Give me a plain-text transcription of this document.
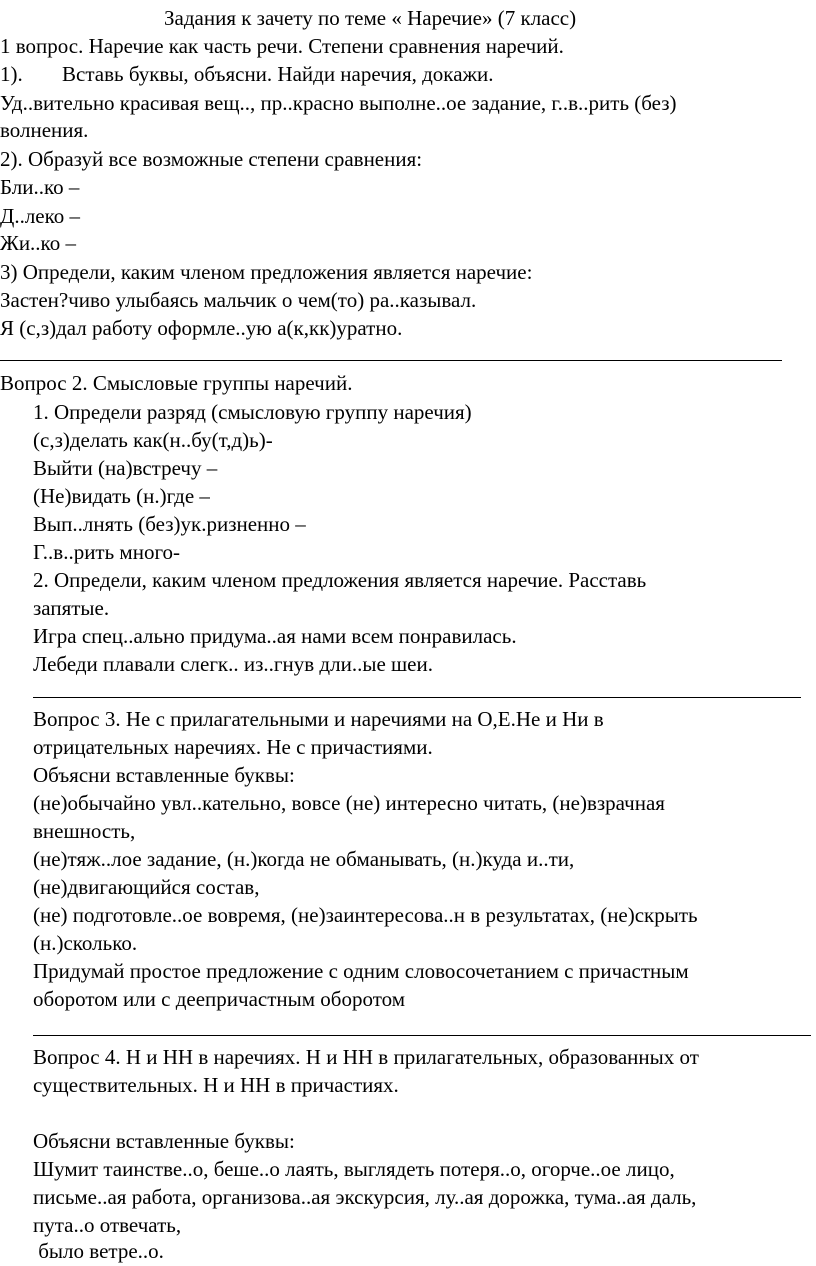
Задания к зачету по теме « Наречие» (7 класс)
1 вопрос. Наречие как часть речи. Степени сравнения наречий.
1). Вставь буквы, объясни. Найди наречия, докажи.
Уд..вительно красивая вещ.., пр..красно выполне..ое задание, г..в..рить (без)
волнения.
2). Образуй все возможные степени сравнения:
Бли..ко –
Д..леко –
Жи..ко –
3) Определи, каким членом предложения является наречие:
Застен?чиво улыбаясь мальчик о чем(то) ра..казывал.
Я (с,з)дал работу оформле..ую а(к,кк)уратно.
Вопрос 2. Смысловые группы наречий.
1. Определи разряд (смысловую группу наречия)
(с,з)делать как(н..бу(т,д)ь)-
Выйти (на)встречу –
(Не)видать (н.)где –
Вып..лнять (без)ук.ризненно –
Г..в..рить много-
2. Определи, каким членом предложения является наречие. Расставь
запятые.
Игра спец..ально придума..ая нами всем понравилась.
Лебеди плавали слегк.. из..гнув дли..ые шеи.
Вопрос 3. Не с прилагательными и наречиями на О,Е.Не и Ни в
отрицательных наречиях. Не с причастиями.
Объясни вставленные буквы:
(не)обычайно увл..кательно, вовсе (не) интересно читать, (не)взрачная
внешность,
(не)тяж..лое задание, (н.)когда не обманывать, (н.)куда и..ти,
(не)двигающийся состав,
(не) подготовле..ое вовремя, (не)заинтересова..н в результатах, (не)скрыть
(н.)сколько.
Придумай простое предложение с одним словосочетанием с причастным
оборотом или с деепричастным оборотом
Вопрос 4. Н и НН в наречиях. Н и НН в прилагательных, образованных от
существительных. Н и НН в причастиях.
Объясни вставленные буквы:
Шумит таинстве..о, беше..о лаять, выглядеть потеря..о, огорче..ое лицо,
письме..ая работа, организова..ая экскурсия, лу..ая дорожка, тума..ая даль,
пута..о отвечать,
было ветре..о.
